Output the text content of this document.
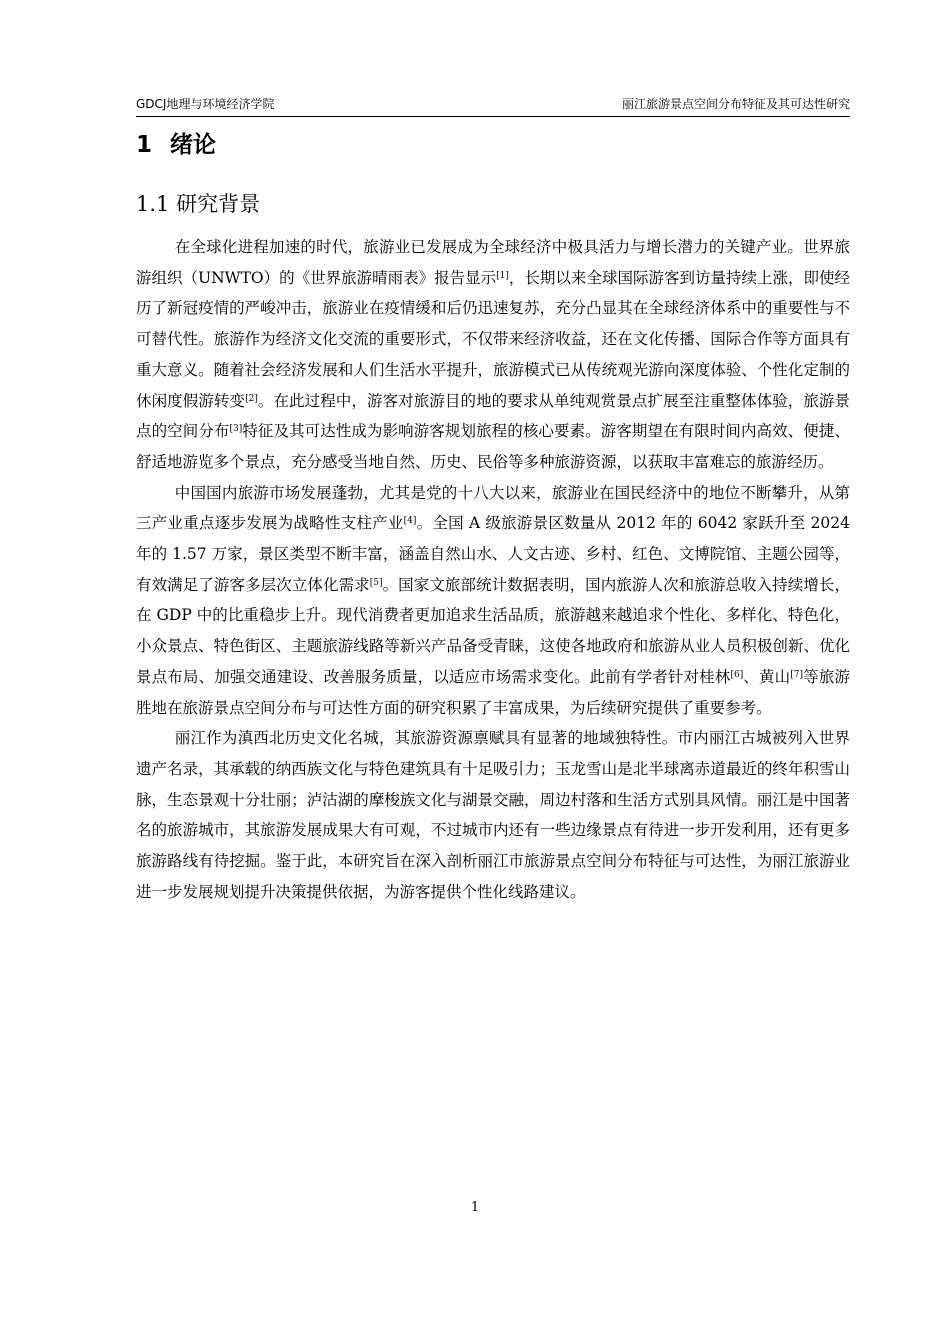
GDCJ地理与环境经济学院	丽江旅游景点空间分布特征及其可达性研究
1 绪论
1.1 研究背景

在全球化进程加速的时代，旅游业已发展成为全球经济中极具活力与增长潜力的关键产业。世界旅游组织（UNWTO）的《世界旅游晴雨表》报告显示[1]，长期以来全球国际游客到访量持续上涨，即使经历了新冠疫情的严峻冲击，旅游业在疫情缓和后仍迅速复苏，充分凸显其在全球经济体系中的重要性与不可替代性。旅游作为经济文化交流的重要形式，不仅带来经济收益，还在文化传播、国际合作等方面具有重大意义。随着社会经济发展和人们生活水平提升，旅游模式已从传统观光游向深度体验、个性化定制的休闲度假游转变[2]。在此过程中，游客对旅游目的地的要求从单纯观赏景点扩展至注重整体体验，旅游景点的空间分布[3]特征及其可达性成为影响游客规划旅程的核心要素。游客期望在有限时间内高效、便捷、舒适地游览多个景点，充分感受当地自然、历史、民俗等多种旅游资源，以获取丰富难忘的旅游经历。

中国国内旅游市场发展蓬勃，尤其是党的十八大以来，旅游业在国民经济中的地位不断攀升，从第三产业重点逐步发展为战略性支柱产业[4]。全国 A 级旅游景区数量从 2012 年的 6042 家跃升至 2024 年的 1.57 万家，景区类型不断丰富，涵盖自然山水、人文古迹、乡村、红色、文博院馆、主题公园等，有效满足了游客多层次立体化需求[5]。国家文旅部统计数据表明，国内旅游人次和旅游总收入持续增长，在 GDP 中的比重稳步上升。现代消费者更加追求生活品质，旅游越来越追求个性化、多样化、特色化，小众景点、特色街区、主题旅游线路等新兴产品备受青睐，这使各地政府和旅游从业人员积极创新、优化景点布局、加强交通建设、改善服务质量，以适应市场需求变化。此前有学者针对桂林[6]、黄山[7]等旅游胜地在旅游景点空间分布与可达性方面的研究积累了丰富成果，为后续研究提供了重要参考。

丽江作为滇西北历史文化名城，其旅游资源禀赋具有显著的地域独特性。市内丽江古城被列入世界遗产名录，其承载的纳西族文化与特色建筑具有十足吸引力；玉龙雪山是北半球离赤道最近的终年积雪山脉，生态景观十分壮丽；泸沽湖的摩梭族文化与湖景交融，周边村落和生活方式别具风情。丽江是中国著名的旅游城市，其旅游发展成果大有可观，不过城市内还有一些边缘景点有待进一步开发利用，还有更多旅游路线有待挖掘。鉴于此，本研究旨在深入剖析丽江市旅游景点空间分布特征与可达性，为丽江旅游业进一步发展规划提升决策提供依据，为游客提供个性化线路建议。

1
